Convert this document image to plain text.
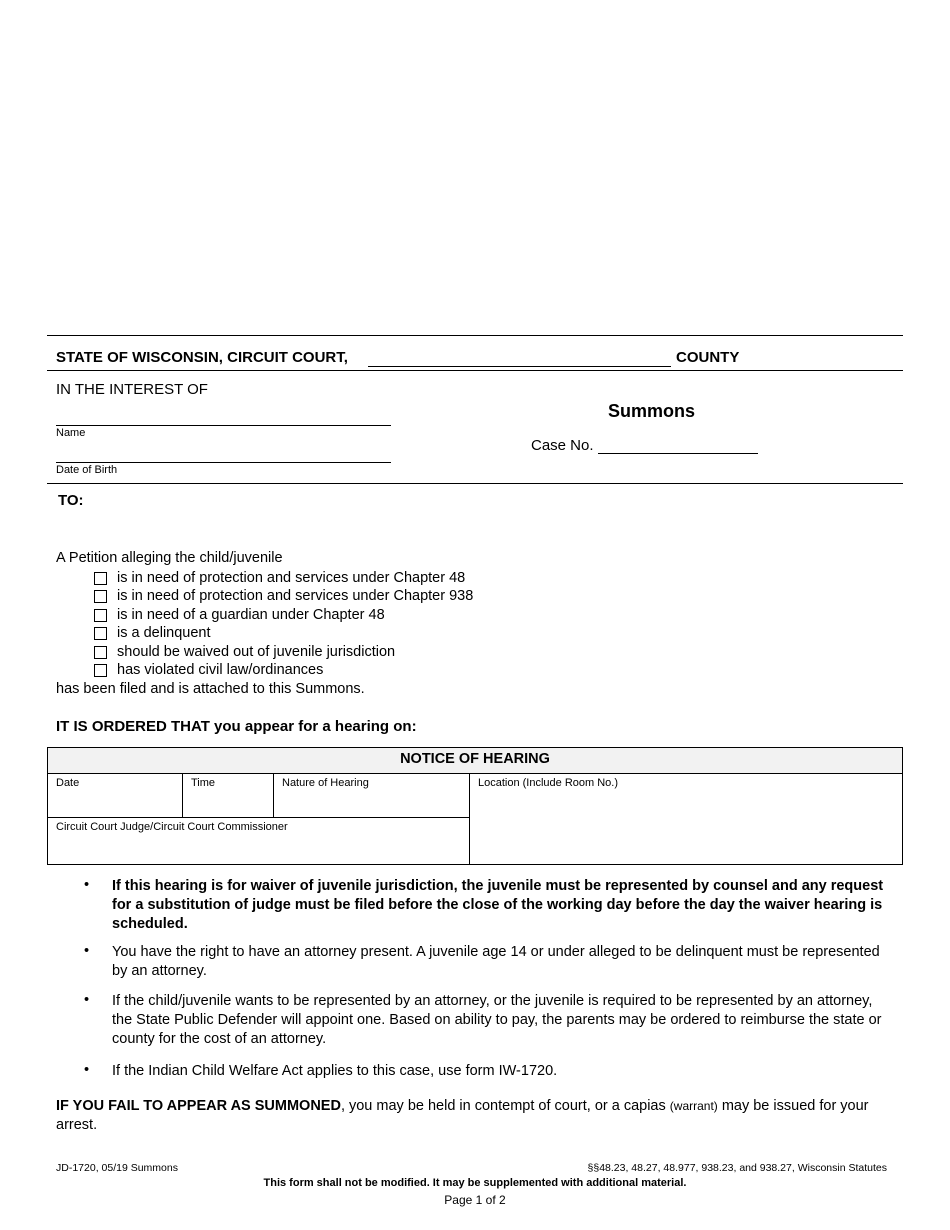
STATE OF WISCONSIN, CIRCUIT COURT,	COUNTY
IN THE INTEREST OF
Name
Date of Birth
Summons
Case No.
TO:
A Petition alleging the child/juvenile
is in need of protection and services under Chapter 48
is in need of protection and services under Chapter 938
is in need of a guardian under Chapter 48
is a delinquent
should be waived out of juvenile jurisdiction
has violated civil law/ordinances
has been filed and is attached to this Summons.
IT IS ORDERED THAT you appear for a hearing on:
NOTICE OF HEARING
Date	Time	Nature of Hearing	Location (Include Room No.)
Circuit Court Judge/Circuit Court Commissioner
• If this hearing is for waiver of juvenile jurisdiction, the juvenile must be represented by counsel and any request for a substitution of judge must be filed before the close of the working day before the day the waiver hearing is scheduled.
• You have the right to have an attorney present. A juvenile age 14 or under alleged to be delinquent must be represented by an attorney.
• If the child/juvenile wants to be represented by an attorney, or the juvenile is required to be represented by an attorney, the State Public Defender will appoint one. Based on ability to pay, the parents may be ordered to reimburse the state or county for the cost of an attorney.
• If the Indian Child Welfare Act applies to this case, use form IW-1720.
IF YOU FAIL TO APPEAR AS SUMMONED, you may be held in contempt of court, or a capias (warrant) may be issued for your arrest.
JD-1720, 05/19 Summons	§§48.23, 48.27, 48.977, 938.23, and 938.27, Wisconsin Statutes
This form shall not be modified. It may be supplemented with additional material.
Page 1 of 2
